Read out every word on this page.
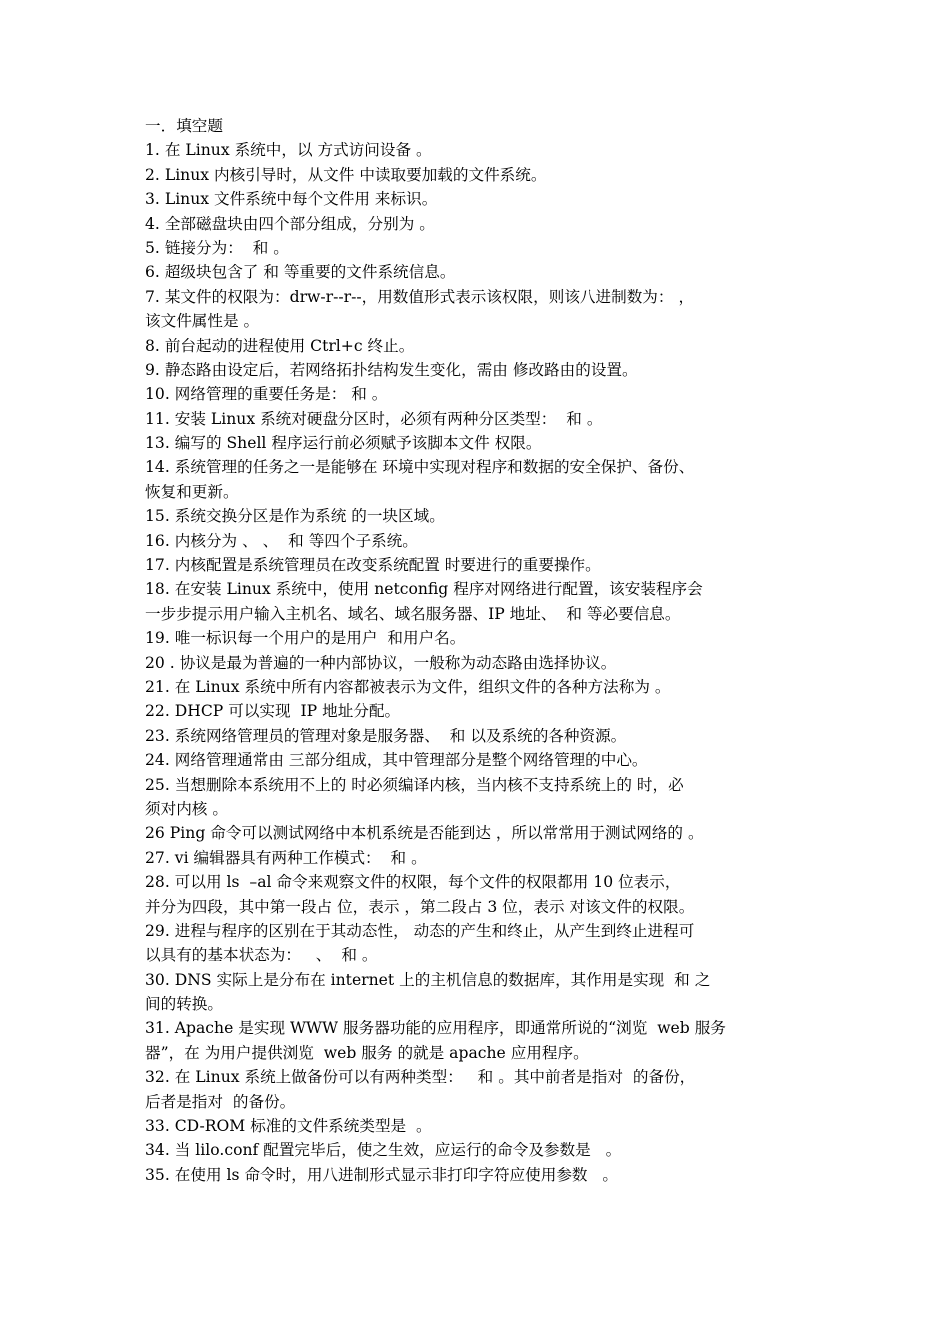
一．填空题
1. 在 Linux 系统中，以 方式访问设备 。
2. Linux 内核引导时，从文件 中读取要加载的文件系统。
3. Linux 文件系统中每个文件用 来标识。
4. 全部磁盘块由四个部分组成，分别为 。
5. 链接分为：  和 。
6. 超级块包含了 和 等重要的文件系统信息。
7. 某文件的权限为：drw-r--r--，用数值形式表示该权限，则该八进制数为： ，
该文件属性是 。
8. 前台起动的进程使用 Ctrl+c 终止。
9. 静态路由设定后，若网络拓扑结构发生变化，需由 修改路由的设置。
10. 网络管理的重要任务是： 和 。
11. 安装 Linux 系统对硬盘分区时，必须有两种分区类型：  和 。
13. 编写的 Shell 程序运行前必须赋予该脚本文件 权限。
14. 系统管理的任务之一是能够在 环境中实现对程序和数据的安全保护、备份、
恢复和更新。
15. 系统交换分区是作为系统 的一块区域。
16. 内核分为 、 、  和 等四个子系统。
17. 内核配置是系统管理员在改变系统配置 时要进行的重要操作。
18. 在安装 Linux 系统中，使用 netconfig 程序对网络进行配置，该安装程序会
一步步提示用户输入主机名、域名、域名服务器、IP 地址、  和 等必要信息。
19. 唯一标识每一个用户的是用户  和用户名。
20 . 协议是最为普遍的一种内部协议，一般称为动态路由选择协议。
21. 在 Linux 系统中所有内容都被表示为文件，组织文件的各种方法称为 。
22. DHCP 可以实现  IP 地址分配。
23. 系统网络管理员的管理对象是服务器、  和 以及系统的各种资源。
24. 网络管理通常由 三部分组成，其中管理部分是整个网络管理的中心。
25. 当想删除本系统用不上的 时必须编译内核，当内核不支持系统上的 时，必
须对内核 。
26 Ping 命令可以测试网络中本机系统是否能到达 ，所以常常用于测试网络的 。
27. vi 编辑器具有两种工作模式：  和 。
28. 可以用 ls  –al 命令来观察文件的权限，每个文件的权限都用 10 位表示，
并分为四段，其中第一段占 位，表示 ，第二段占 3 位，表示 对该文件的权限。
29. 进程与程序的区别在于其动态性， 动态的产生和终止，从产生到终止进程可
以具有的基本状态为：   、  和 。
30. DNS 实际上是分布在 internet 上的主机信息的数据库，其作用是实现  和 之
间的转换。
31. Apache 是实现 WWW 服务器功能的应用程序，即通常所说的“浏览  web 服务
器”，在 为用户提供浏览  web 服务 的就是 apache 应用程序。
32. 在 Linux 系统上做备份可以有两种类型：   和 。其中前者是指对  的备份，
后者是指对  的备份。
33. CD-ROM 标准的文件系统类型是  。
34. 当 lilo.conf 配置完毕后，使之生效，应运行的命令及参数是   。
35. 在使用 ls 命令时，用八进制形式显示非打印字符应使用参数   。
